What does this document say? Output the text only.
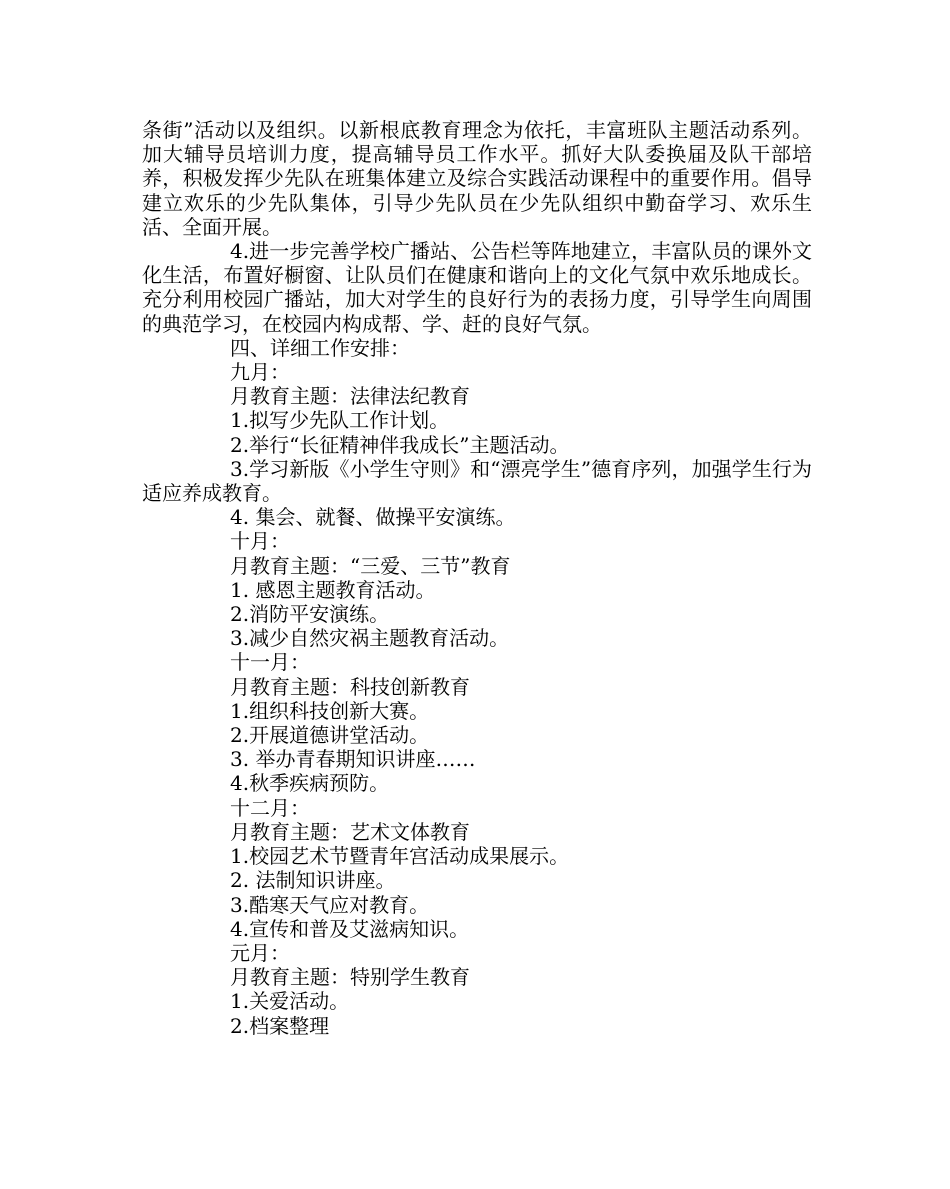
条街”活动以及组织。以新根底教育理念为依托，丰富班队主题活动系列。加大辅导员培训力度，提高辅导员工作水平。抓好大队委换届及队干部培养，积极发挥少先队在班集体建立及综合实践活动课程中的重要作用。倡导建立欢乐的少先队集体，引导少先队员在少先队组织中勤奋学习、欢乐生活、全面开展。

4.进一步完善学校广播站、公告栏等阵地建立，丰富队员的课外文化生活，布置好橱窗、让队员们在健康和谐向上的文化气氛中欢乐地成长。充分利用校园广播站，加大对学生的良好行为的表扬力度，引导学生向周围的典范学习，在校园内构成帮、学、赶的良好气氛。

四、详细工作安排：

九月：

月教育主题：法律法纪教育

1.拟写少先队工作计划。

2.举行“长征精神伴我成长”主题活动。

3.学习新版《小学生守则》和“漂亮学生”德育序列，加强学生行为适应养成教育。

4. 集会、就餐、做操平安演练。

十月：

月教育主题：“三爱、三节”教育

1. 感恩主题教育活动。

2.消防平安演练。

3.减少自然灾祸主题教育活动。

十一月：

月教育主题：科技创新教育

1.组织科技创新大赛。

2.开展道德讲堂活动。

3. 举办青春期知识讲座……

4.秋季疾病预防。

十二月：

月教育主题：艺术文体教育

1.校园艺术节暨青年宫活动成果展示。

2. 法制知识讲座。

3.酷寒天气应对教育。

4.宣传和普及艾滋病知识。

元月：

月教育主题：特别学生教育

1.关爱活动。

2.档案整理
